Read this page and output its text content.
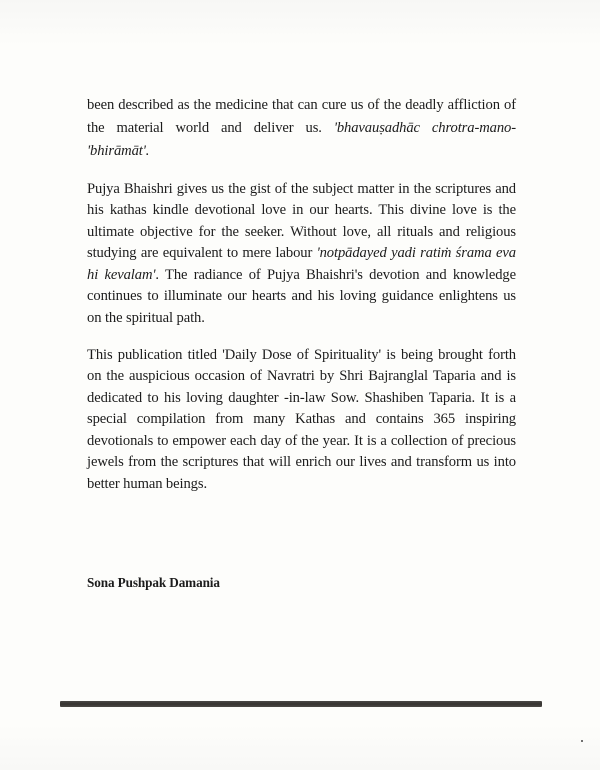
been described as the medicine that can cure us of the deadly affliction of the material world and deliver us. 'bhavauṣadhāc chrotra-mano-'bhirāmāt'.

Pujya Bhaishri gives us the gist of the subject matter in the scriptures and his kathas kindle devotional love in our hearts. This divine love is the ultimate objective for the seeker. Without love, all rituals and religious studying are equivalent to mere labour 'notpādayed yadi ratiṁ śrama eva hi kevalam'. The radiance of Pujya Bhaishri's devotion and knowledge continues to illuminate our hearts and his loving guidance enlightens us on the spiritual path.

This publication titled 'Daily Dose of Spirituality' is being brought forth on the auspicious occasion of Navratri by Shri Bajranglal Taparia and is dedicated to his loving daughter -in-law Sow. Shashiben Taparia. It is a special compilation from many Kathas and contains 365 inspiring devotionals to empower each day of the year. It is a collection of precious jewels from the scriptures that will enrich our lives and transform us into better human beings.

Sona Pushpak Damania
